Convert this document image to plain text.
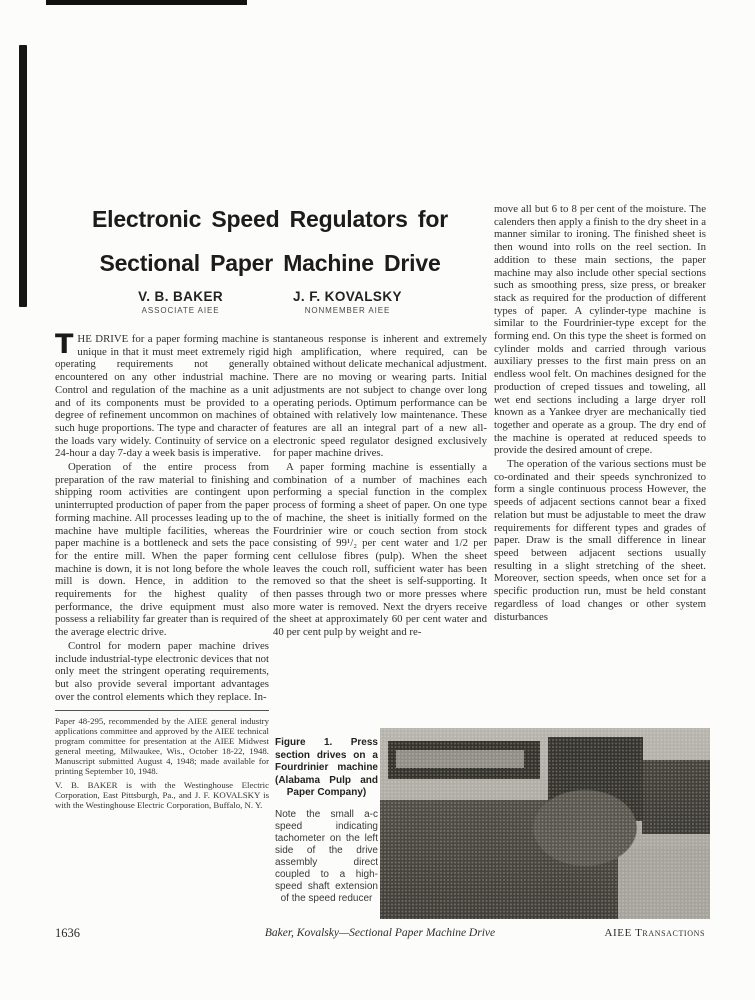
Electronic Speed Regulators for
Sectional Paper Machine Drive
V. B. BAKER
ASSOCIATE AIEE
J. F. KOVALSKY
NONMEMBER AIEE

THE DRIVE for a paper forming machine is unique in that it must meet extremely rigid operating requirements not generally encountered on any other industrial machine. Control and regulation of the machine as a unit and of its components must be provided to a degree of refinement uncommon on machines of such huge proportions. The type and character of the loads vary widely. Continuity of service on a 24-hour a day 7-day a week basis is imperative.

Operation of the entire process from preparation of the raw material to finishing and shipping room activities are contingent upon uninterrupted production of paper from the paper forming machine. All processes leading up to the machine have multiple facilities, whereas the paper machine is a bottleneck and sets the pace for the entire mill. When the paper forming machine is down, it is not long before the whole mill is down. Hence, in addition to the requirements for the highest quality of performance, the drive equipment must also possess a reliability far greater than is required of the average electric drive.

Control for modern paper machine drives include industrial-type electronic devices that not only meet the stringent operating requirements, but also provide several important advantages over the control elements which they replace. In-

Paper 48-295, recommended by the AIEE general industry applications committee and approved by the AIEE technical program committee for presentation at the AIEE Midwest general meeting, Milwaukee, Wis., October 18-22, 1948. Manuscript submitted August 4, 1948; made available for printing September 10, 1948.

V. B. BAKER is with the Westinghouse Electric Corporation, East Pittsburgh, Pa., and J. F. KOVALSKY is with the Westinghouse Electric Corporation, Buffalo, N. Y.

stantaneous response is inherent and extremely high amplification, where required, can be obtained without delicate mechanical adjustment. There are no moving or wearing parts. Initial adjustments are not subject to change over long operating periods. Optimum performance can be obtained with relatively low maintenance. These features are all an integral part of a new all-electronic speed regulator designed exclusively for paper machine drives.

A paper forming machine is essentially a combination of a number of machines each performing a special function in the complex process of forming a sheet of paper. On one type of machine, the sheet is initially formed on the Fourdrinier wire or couch section from stock consisting of 99¹/₂ per cent water and 1/2 per cent cellulose fibres (pulp). When the sheet leaves the couch roll, sufficient water has been removed so that the sheet is self-supporting. It then passes through two or more presses where more water is removed. Next the dryers receive the sheet at approximately 60 per cent water and 40 per cent pulp by weight and re-

move all but 6 to 8 per cent of the moisture. The calenders then apply a finish to the dry sheet in a manner similar to ironing. The finished sheet is then wound into rolls on the reel section. In addition to these main sections, the paper machine may also include other special sections such as smoothing press, size press, or breaker stack as required for the production of different types of paper. A cylinder-type machine is similar to the Fourdrinier-type except for the forming end. On this type the sheet is formed on cylinder molds and carried through various auxiliary presses to the first main press on an endless wool felt. On machines designed for the production of creped tissues and toweling, all wet end sections including a large dryer roll known as a Yankee dryer are mechanically tied together and operate as a group. The dry end of the machine is operated at reduced speeds to provide the desired amount of crepe.

The operation of the various sections must be co-ordinated and their speeds synchronized to form a single continuous process However, the speeds of adjacent sections cannot bear a fixed relation but must be adjustable to meet the draw requirements for different types and grades of paper. Draw is the small difference in linear speed between adjacent sections usually resulting in a slight stretching of the sheet. Moreover, section speeds, when once set for a specific production run, must be held constant regardless of load changes or other system disturbances

Figure 1. Press section drives on a Fourdrinier machine (Alabama Pulp and Paper Company)

Note the small a-c speed indicating tachometer on the left side of the drive assembly direct coupled to a high-speed shaft extension of the speed reducer

1636	Baker, Kovalsky—Sectional Paper Machine Drive	AIEE Transactions
